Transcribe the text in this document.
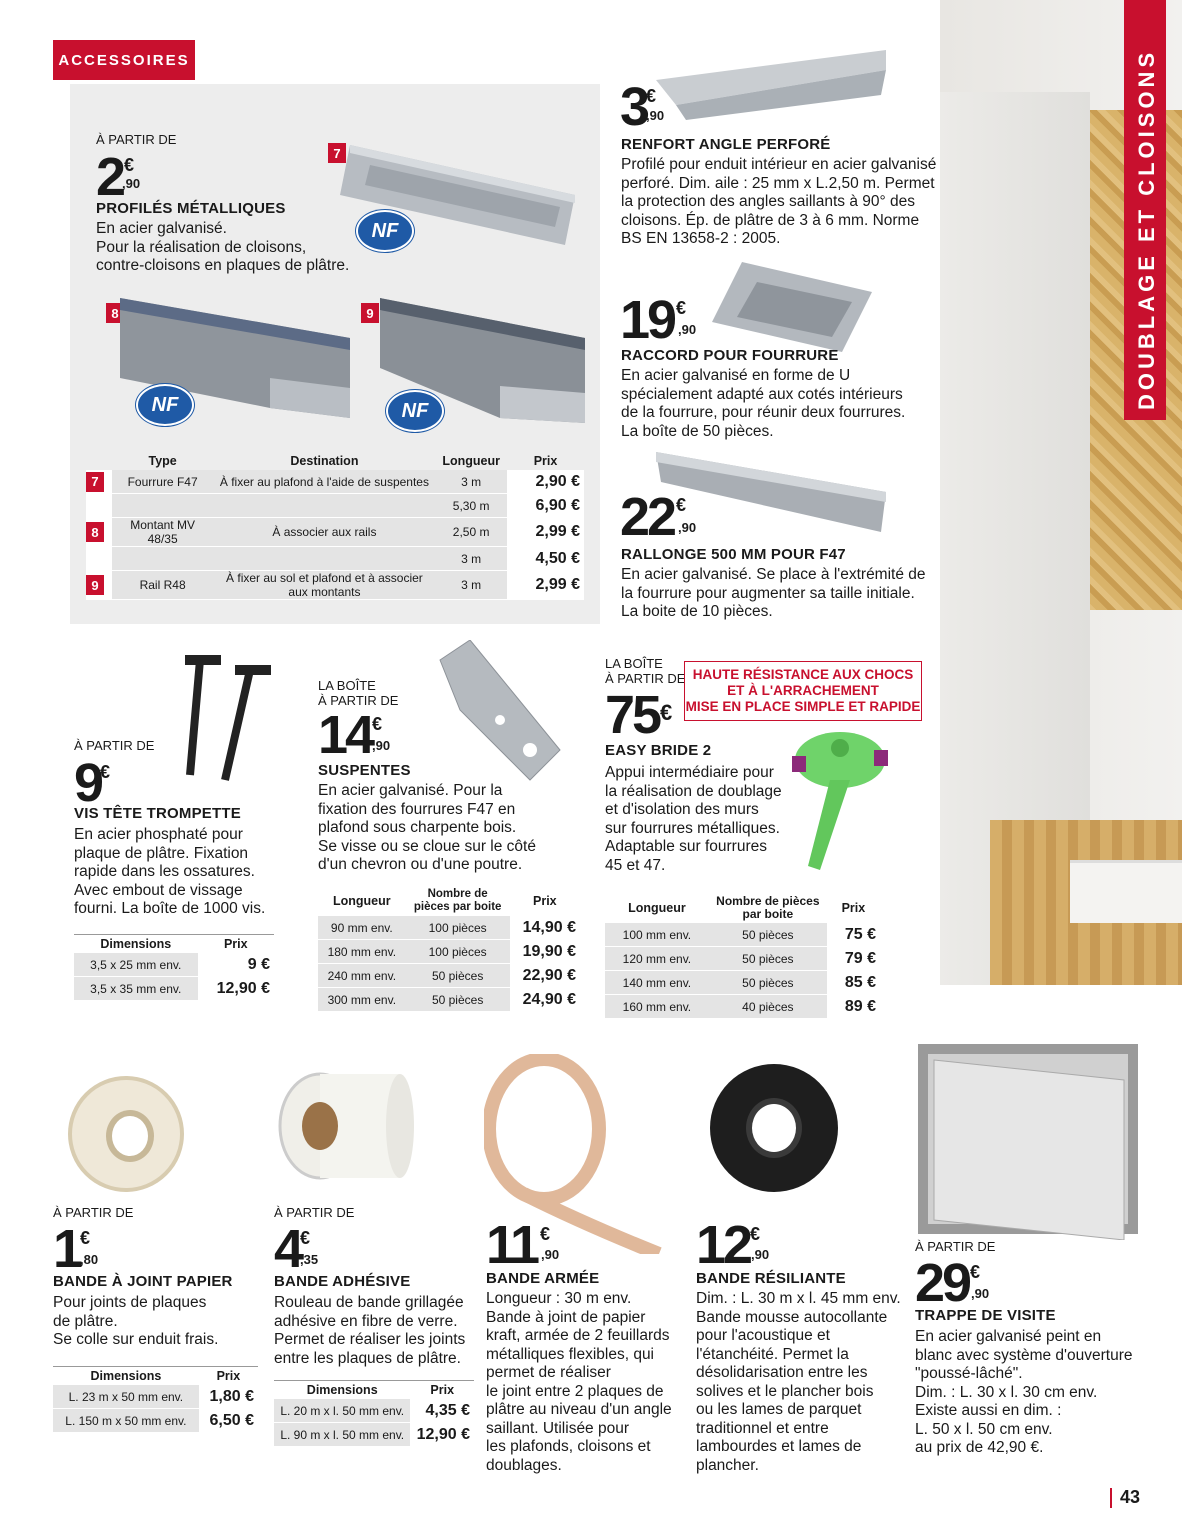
DOUBLAGE ET CLOISONS
ACCESSOIRES
À PARTIR DE
2 €
,90
PROFILÉS MÉTALLIQUES
En acier galvanisé.
Pour la réalisation de cloisons,
contre-cloisons en plaques de plâtre.
7
NF
8
NF
9
NF
	Type	Destination	Longueur	Prix

7	Fourrure F47	À fixer au plafond à l'aide de suspentes	3 m	2,90 €
			5,30 m	6,90 €

8	Montant MV 48/35	À associer aux rails	2,50 m	2,99 €
			3 m	4,50 €

9	Rail R48	À fixer au sol et plafond et à associer aux montants	3 m	2,99 €
3
€
,90
RENFORT ANGLE PERFORÉ
Profilé pour enduit intérieur en acier galvanisé
perforé. Dim. aile : 25 mm x L.2,50 m. Permet
la protection des angles saillants à 90° des
cloisons. Ép. de plâtre de 3 à 6 mm. Norme
BS EN 13658-2 : 2005.
19 €
,90
RACCORD POUR FOURRURE
En acier galvanisé en forme de U
spécialement adapté aux cotés intérieurs
de la fourrure, pour réunir deux fourrures.
La boîte de 50 pièces.
22 €
,90
RALLONGE 500 MM POUR F47
En acier galvanisé. Se place à l'extrémité de
la fourrure pour augmenter sa taille initiale.
La boite de 10 pièces.
À PARTIR DE
9
€
VIS TÊTE TROMPETTE
En acier phosphaté pour
plaque de plâtre. Fixation
rapide dans les ossatures.
Avec embout de vissage
fourni. La boîte de 1000 vis.
Dimensions	Prix
3,5 x 25 mm env.	9 €
3,5 x 35 mm env.	12,90 €
LA BOÎTE
À PARTIR DE
14 €
,90
SUSPENTES
En acier galvanisé. Pour la
fixation des fourrures F47 en
plafond sous charpente bois.
Se visse ou se cloue sur le côté
d'un chevron ou d'une poutre.
Longueur	Nombre de pièces par boite	Prix
90 mm env.	100 pièces	14,90 €
180 mm env.	100 pièces	19,90 €
240 mm env.	50 pièces	22,90 €
300 mm env.	50 pièces	24,90 €
LA BOÎTE
À PARTIR DE
75 €
HAUTE RÉSISTANCE AUX CHOCS
ET À L'ARRACHEMENT
MISE EN PLACE SIMPLE ET RAPIDE
EASY BRIDE 2
Appui intermédiaire pour
la réalisation de doublage
et d'isolation des murs
sur fourrures métalliques.
Adaptable sur fourrures
45 et 47.
Longueur	Nombre de pièces par boite	Prix
100 mm env.	50 pièces	75 €
120 mm env.	50 pièces	79 €
140 mm env.	50 pièces	85 €
160 mm env.	40 pièces	89 €
À PARTIR DE
1 €
,80
BANDE À JOINT PAPIER
Pour joints de plaques
de plâtre.
Se colle sur enduit frais.
Dimensions	Prix
L. 23 m x 50 mm env.	1,80 €
L. 150 m x 50 mm env.	6,50 €
À PARTIR DE
4
€
,35
BANDE ADHÉSIVE
Rouleau de bande grillagée
adhésive en fibre de verre.
Permet de réaliser les joints
entre les plaques de plâtre.
Dimensions	Prix
L. 20 m x l. 50 mm env.	4,35 €
L. 90 m x l. 50 mm env.	12,90 €
11 €
,90
BANDE ARMÉE
Longueur : 30 m env.
Bande à joint de papier
kraft, armée de 2 feuillards
métalliques flexibles, qui
permet de réaliser
le joint entre 2 plaques de
plâtre au niveau d'un angle
saillant. Utilisée pour
les plafonds, cloisons et
doublages.
12 €
,90
BANDE RÉSILIANTE
Dim. : L. 30 m x l. 45 mm env.
Bande mousse autocollante
pour l'acoustique et
l'étanchéité. Permet la
désolidarisation entre les
solives et le plancher bois
ou les lames de parquet
traditionnel et entre
lambourdes et lames de
plancher.
À PARTIR DE
29 €
,90
TRAPPE DE VISITE
En acier galvanisé peint en
blanc avec système d'ouverture
"poussé-lâché".
Dim. : L. 30 x l. 30 cm env.
Existe aussi en dim. :
L. 50 x l. 50 cm env.
au prix de 42,90 €.
43
